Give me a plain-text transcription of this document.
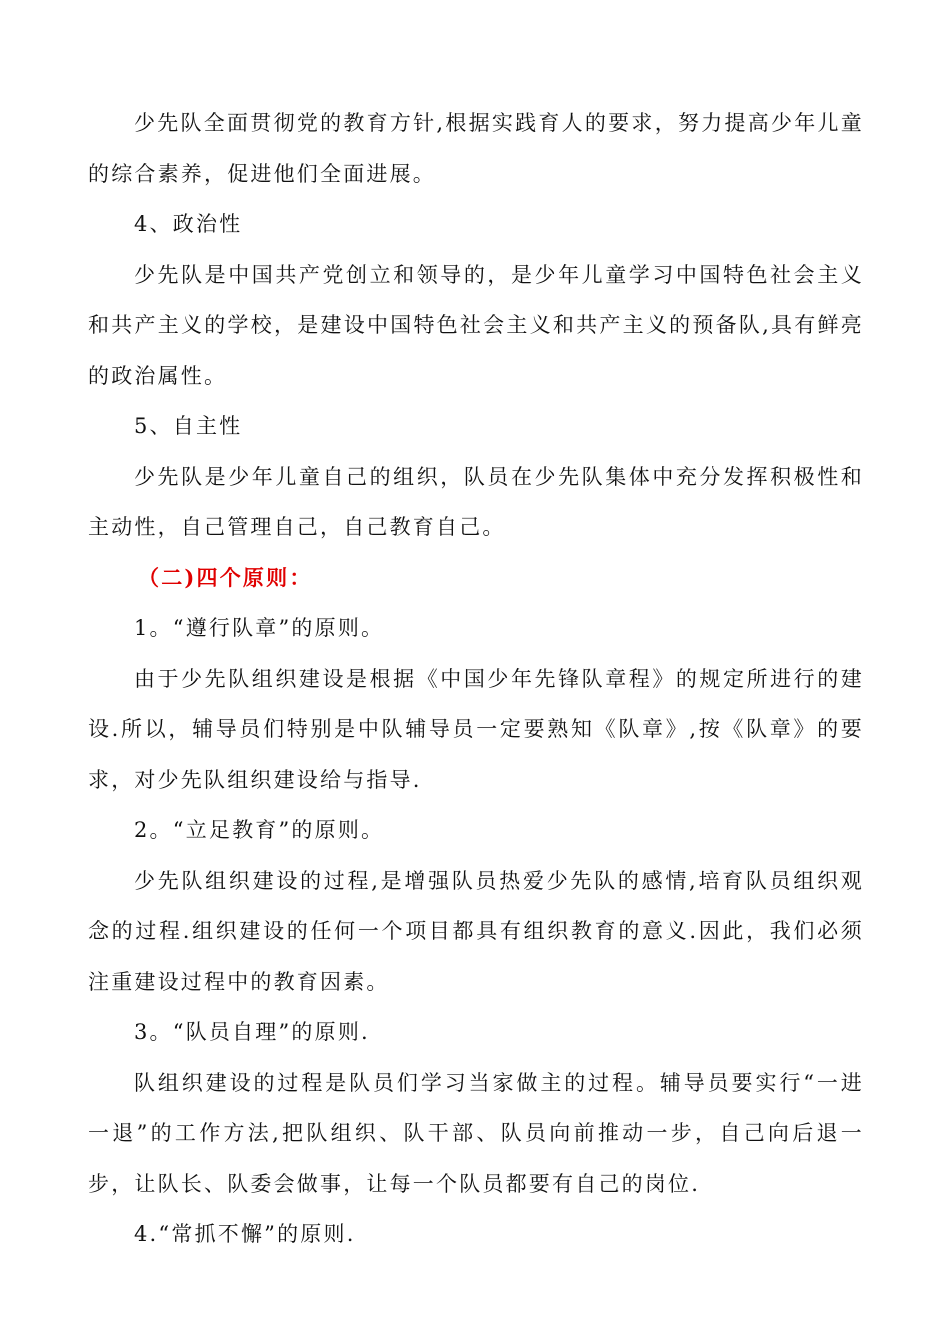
少先队全面贯彻党的教育方针,根据实践育人的要求，努力提高少年儿童的综合素养，促进他们全面进展。

4、政治性

少先队是中国共产党创立和领导的，是少年儿童学习中国特色社会主义和共产主义的学校，是建设中国特色社会主义和共产主义的预备队,具有鲜亮的政治属性。

5、自主性

少先队是少年儿童自己的组织，队员在少先队集体中充分发挥积极性和主动性，自己管理自己，自己教育自己。

（二)四个原则：

1。“遵行队章”的原则。

由于少先队组织建设是根据《中国少年先锋队章程》的规定所进行的建设.所以，辅导员们特别是中队辅导员一定要熟知《队章》,按《队章》的要求，对少先队组织建设给与指导.

2。“立足教育”的原则。

少先队组织建设的过程,是增强队员热爱少先队的感情,培育队员组织观念的过程.组织建设的任何一个项目都具有组织教育的意义.因此，我们必须注重建设过程中的教育因素。

3。“队员自理”的原则.

队组织建设的过程是队员们学习当家做主的过程。辅导员要实行“一进一退”的工作方法,把队组织、队干部、队员向前推动一步，自己向后退一步，让队长、队委会做事，让每一个队员都要有自己的岗位.

4.“常抓不懈”的原则.
